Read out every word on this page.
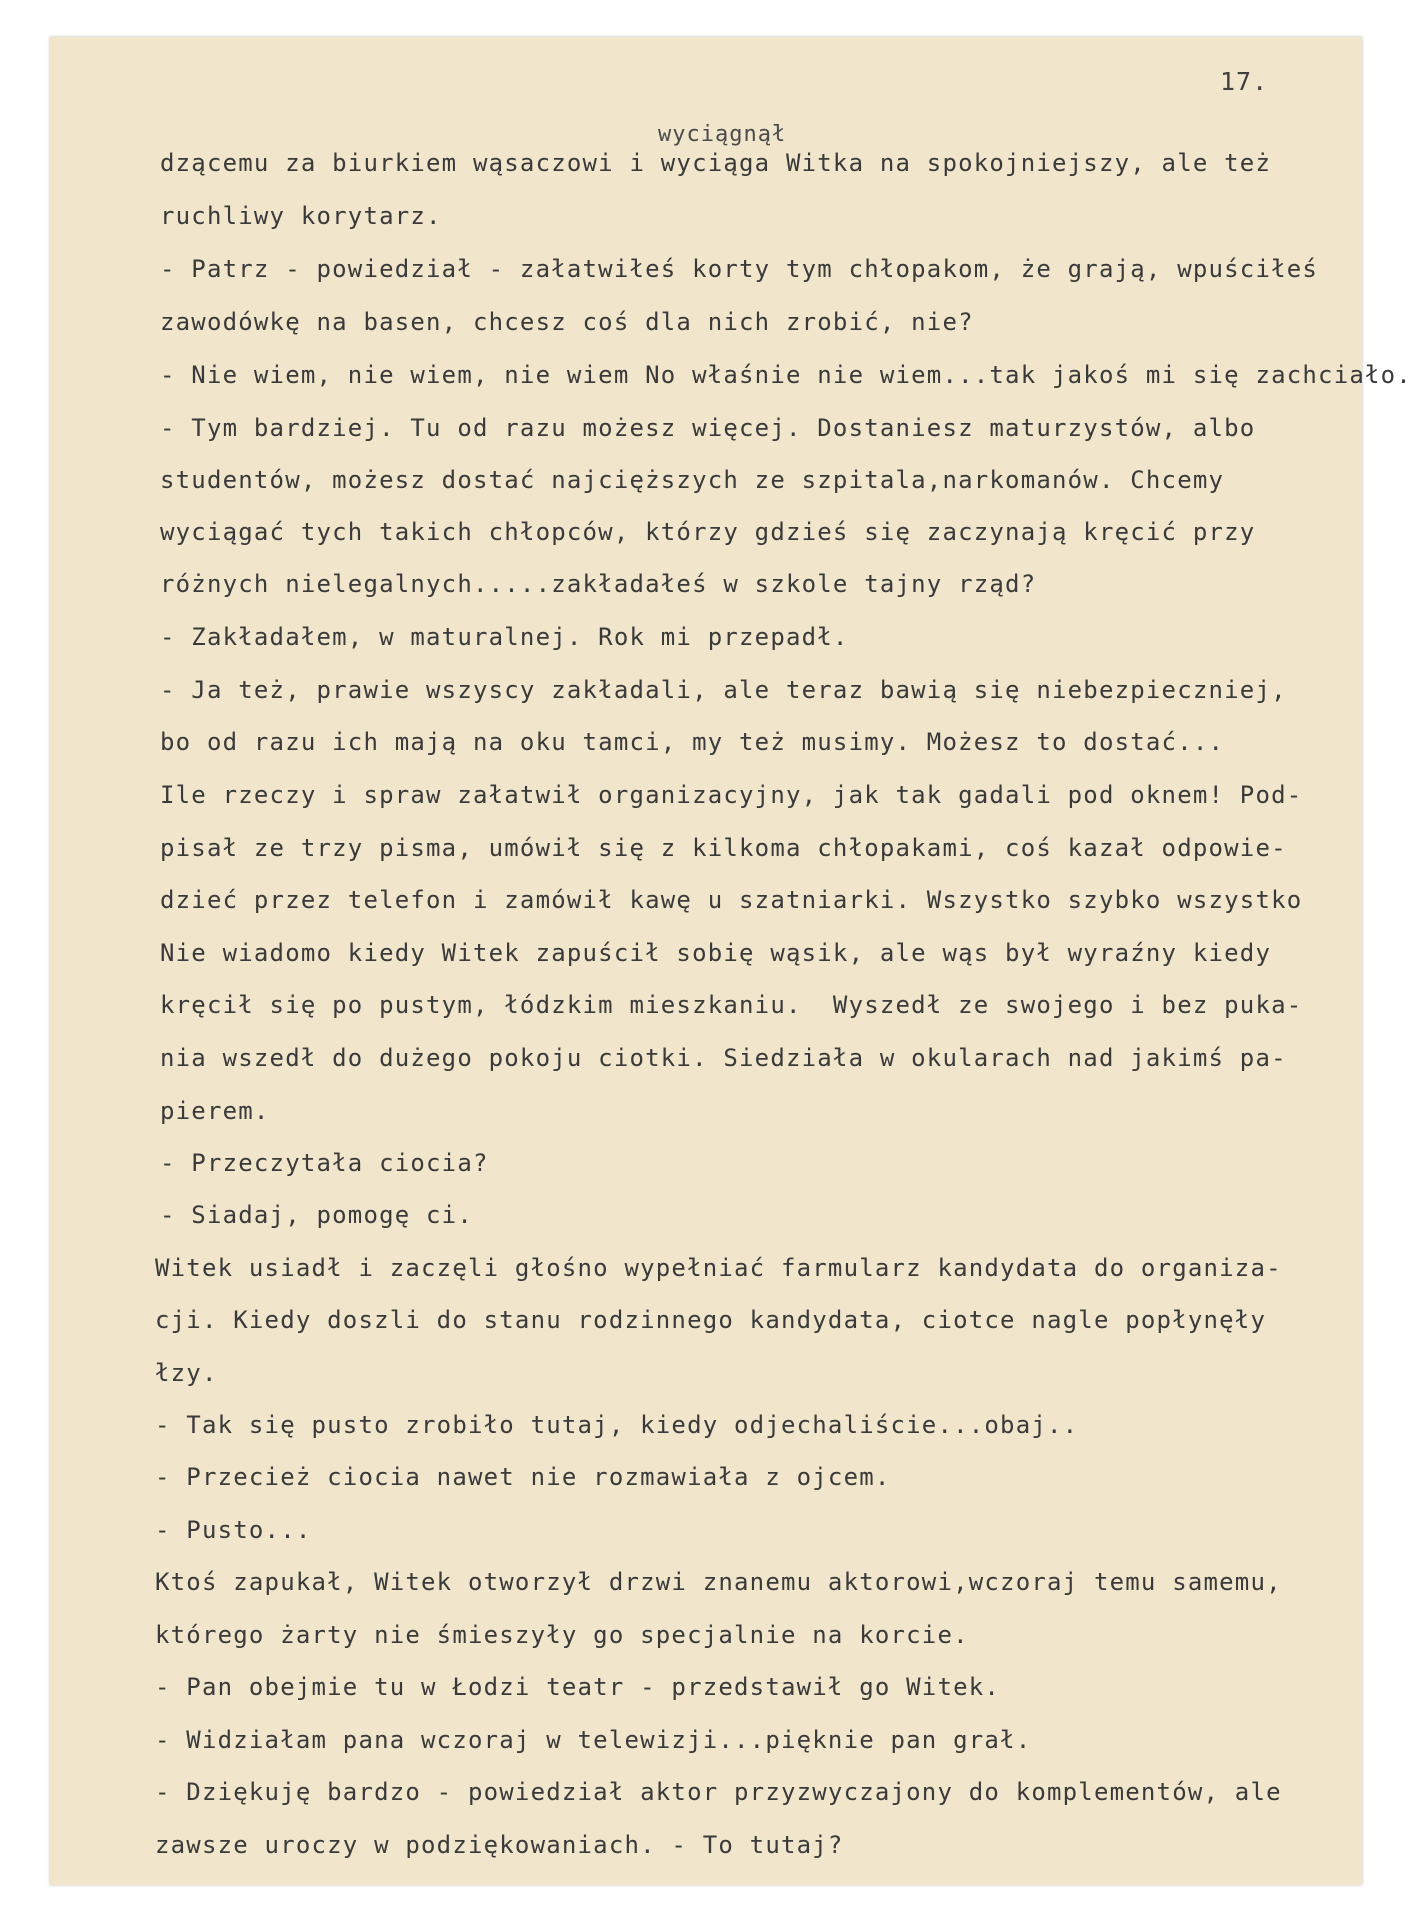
17.
wyciągnął
dzącemu za biurkiem wąsaczowi i wyciąga Witka na spokojniejszy, ale też
ruchliwy korytarz.
- Patrz - powiedział - załatwiłeś korty tym chłopakom, że grają, wpuściłeś
zawodówkę na basen, chcesz coś dla nich zrobić, nie?
- Nie wiem, nie wiem, nie wiem No właśnie nie wiem...tak jakoś mi się zachciało.
- Tym bardziej. Tu od razu możesz więcej. Dostaniesz maturzystów, albo
studentów, możesz dostać najcięższych ze szpitala,narkomanów. Chcemy
wyciągać tych takich chłopców, którzy gdzieś się zaczynają kręcić przy
różnych nielegalnych.....zakładałeś w szkole tajny rząd?
- Zakładałem, w maturalnej. Rok mi przepadł.
- Ja też, prawie wszyscy zakładali, ale teraz bawią się niebezpieczniej,
bo od razu ich mają na oku tamci, my też musimy. Możesz to dostać...
Ile rzeczy i spraw załatwił organizacyjny, jak tak gadali pod oknem! Pod-
pisał ze trzy pisma, umówił się z kilkoma chłopakami, coś kazał odpowie-
dzieć przez telefon i zamówił kawę u szatniarki. Wszystko szybko wszystko
Nie wiadomo kiedy Witek zapuścił sobię wąsik, ale wąs był wyraźny kiedy
kręcił się po pustym, łódzkim mieszkaniu.  Wyszedł ze swojego i bez puka-
nia wszedł do dużego pokoju ciotki. Siedziała w okularach nad jakimś pa-
pierem.
- Przeczytała ciocia?
- Siadaj, pomogę ci.
Witek usiadł i zaczęli głośno wypełniać farmularz kandydata do organiza-
cji. Kiedy doszli do stanu rodzinnego kandydata, ciotce nagle popłynęły
łzy.
- Tak się pusto zrobiło tutaj, kiedy odjechaliście...obaj..
- Przecież ciocia nawet nie rozmawiała z ojcem.
- Pusto...
Ktoś zapukał, Witek otworzył drzwi znanemu aktorowi,wczoraj temu samemu,
którego żarty nie śmieszyły go specjalnie na korcie.
- Pan obejmie tu w Łodzi teatr - przedstawił go Witek.
- Widziałam pana wczoraj w telewizji...pięknie pan grał.
- Dziękuję bardzo - powiedział aktor przyzwyczajony do komplementów, ale
zawsze uroczy w podziękowaniach. - To tutaj?
